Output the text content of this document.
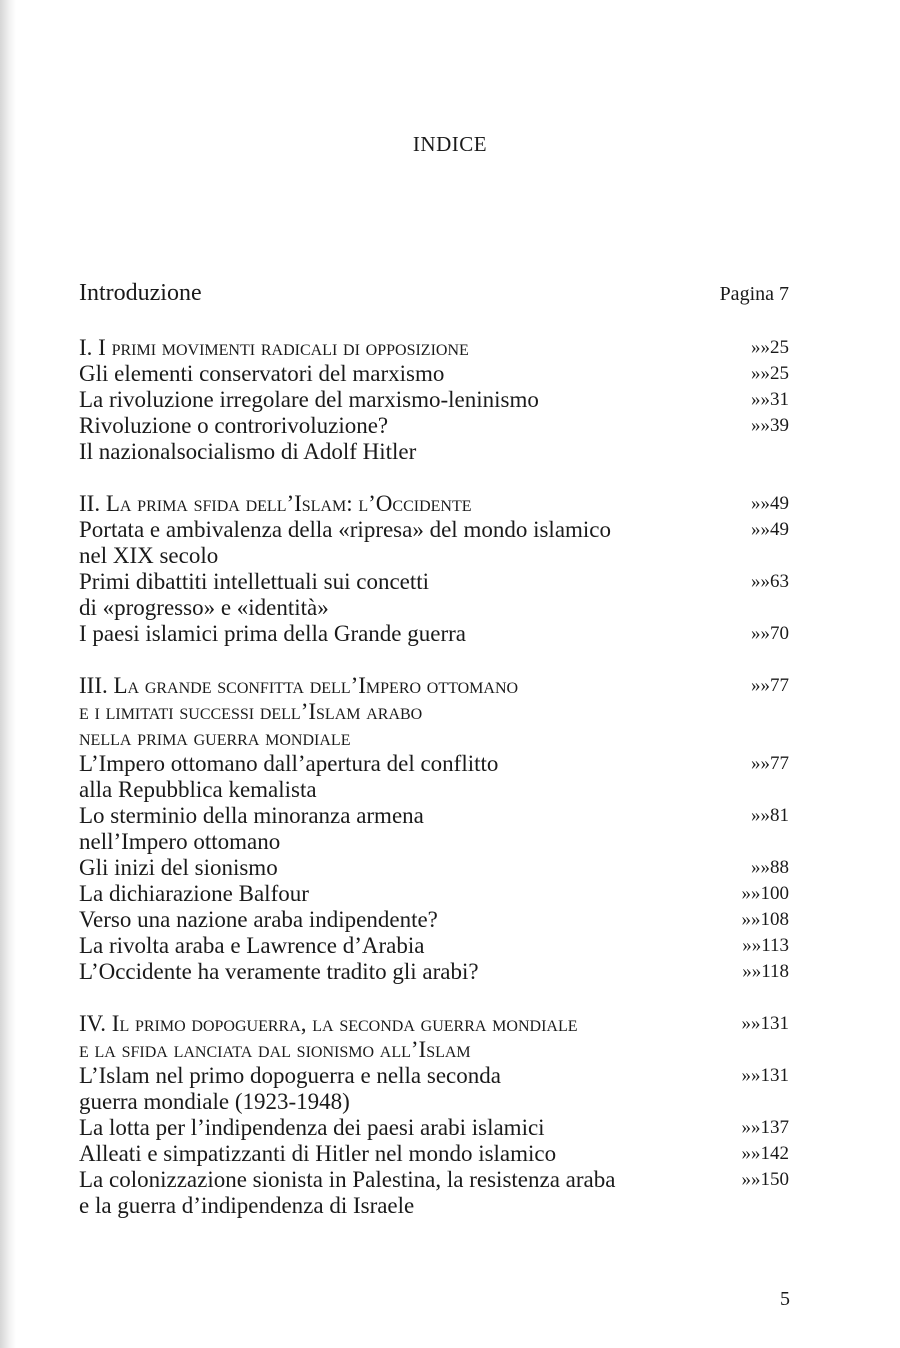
INDICE
Introduzione	Pagina 7
I. I primi movimenti radicali di opposizione	»»25
Gli elementi conservatori del marxismo	»»25
La rivoluzione irregolare del marxismo-leninismo	»»31
Rivoluzione o controrivoluzione?	»»39
Il nazionalsocialismo di Adolf Hitler
II. La prima sfida dell’Islam: l’Occidente	»»49
Portata e ambivalenza della «ripresa» del mondo islamico	»»49
nel XIX secolo
Primi dibattiti intellettuali sui concetti	»»63
di «progresso» e «identità»
I paesi islamici prima della Grande guerra	»»70
III. La grande sconfitta dell’Impero ottomano	»»77
e i limitati successi dell’Islam arabo
nella prima guerra mondiale
L’Impero ottomano dall’apertura del conflitto	»»77
alla Repubblica kemalista
Lo sterminio della minoranza armena	»»81
nell’Impero ottomano
Gli inizi del sionismo	»»88
La dichiarazione Balfour	»»100
Verso una nazione araba indipendente?	»»108
La rivolta araba e Lawrence d’Arabia	»»113
L’Occidente ha veramente tradito gli arabi?	»»118
IV. Il primo dopoguerra, la seconda guerra mondiale	»»131
e la sfida lanciata dal sionismo all’Islam
L’Islam nel primo dopoguerra e nella seconda	»»131
guerra mondiale (1923-1948)
La lotta per l’indipendenza dei paesi arabi islamici	»»137
Alleati e simpatizzanti di Hitler nel mondo islamico	»»142
La colonizzazione sionista in Palestina, la resistenza araba	»»150
e la guerra d’indipendenza di Israele
5
